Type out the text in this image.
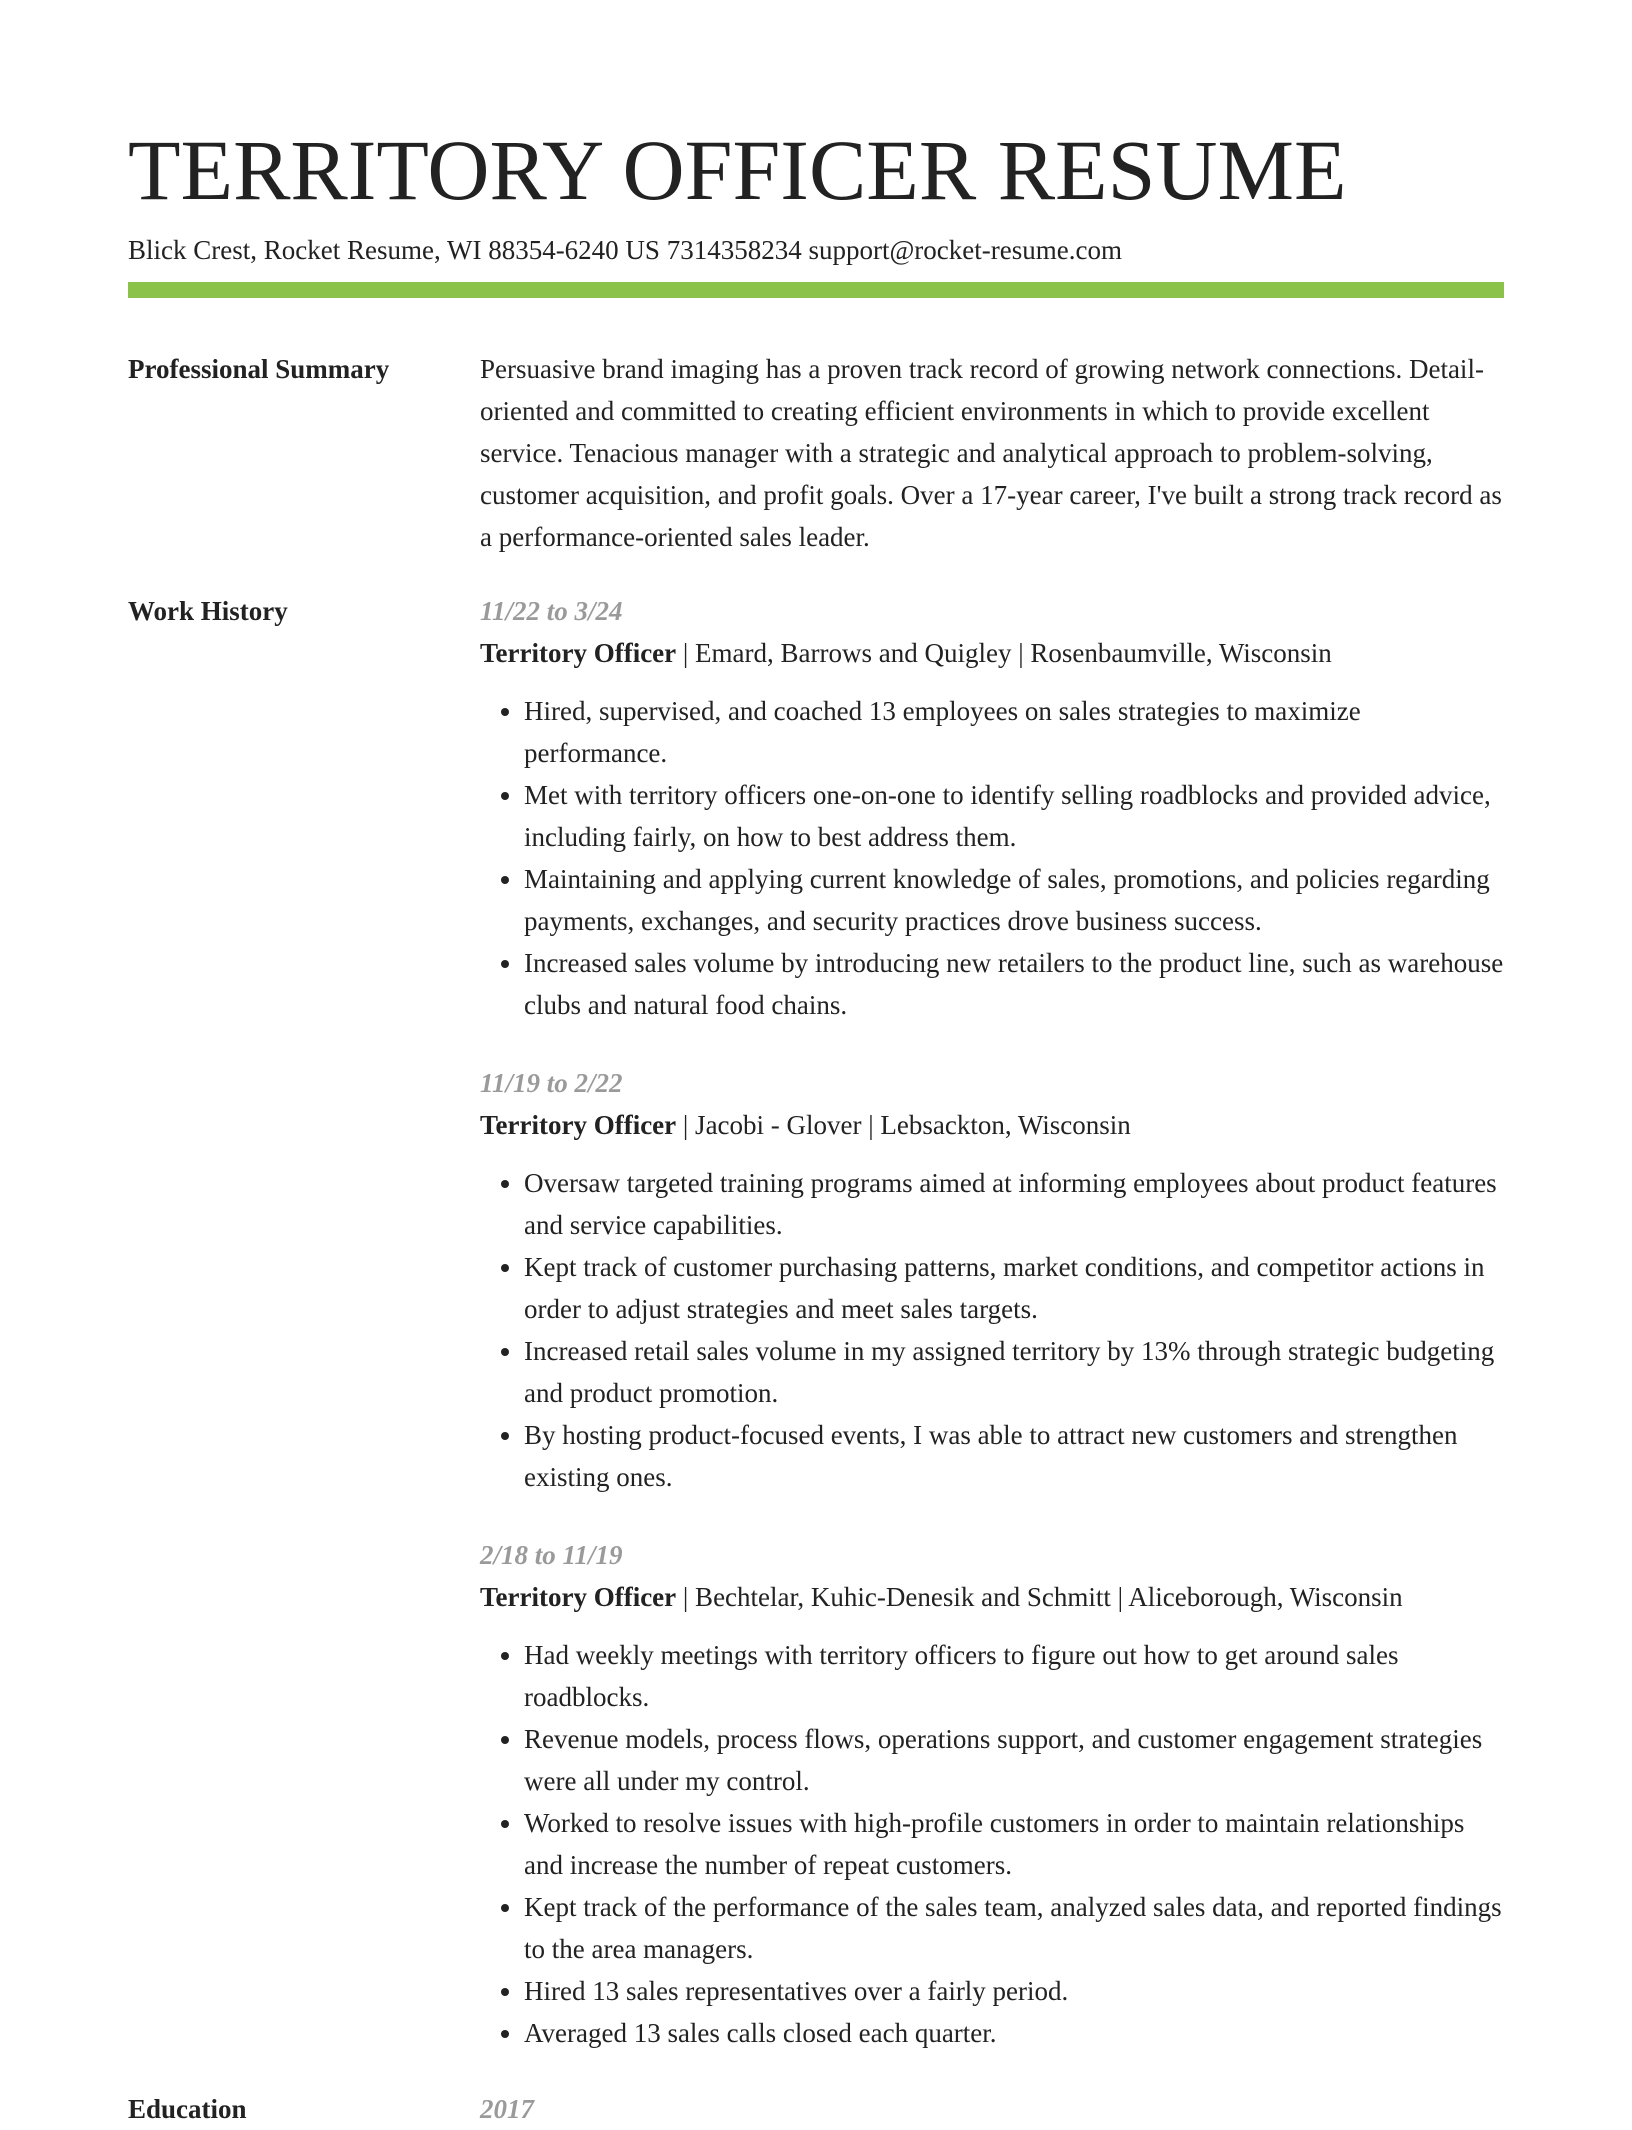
TERRITORY OFFICER RESUME
Blick Crest, Rocket Resume, WI 88354-6240 US 7314358234 support@rocket-resume.com
Professional Summary	Persuasive brand imaging has a proven track record of growing network connections. Detail-oriented and committed to creating efficient environments in which to provide excellent service. Tenacious manager with a strategic and analytical approach to problem-solving, customer acquisition, and profit goals. Over a 17-year career, I've built a strong track record as a performance-oriented sales leader.
Work History	11/22 to 3/24
Territory Officer | Emard, Barrows and Quigley | Rosenbaumville, Wisconsin
• Hired, supervised, and coached 13 employees on sales strategies to maximize performance.
• Met with territory officers one-on-one to identify selling roadblocks and provided advice, including fairly, on how to best address them.
• Maintaining and applying current knowledge of sales, promotions, and policies regarding payments, exchanges, and security practices drove business success.
• Increased sales volume by introducing new retailers to the product line, such as warehouse clubs and natural food chains.
11/19 to 2/22
Territory Officer | Jacobi - Glover | Lebsackton, Wisconsin
• Oversaw targeted training programs aimed at informing employees about product features and service capabilities.
• Kept track of customer purchasing patterns, market conditions, and competitor actions in order to adjust strategies and meet sales targets.
• Increased retail sales volume in my assigned territory by 13% through strategic budgeting and product promotion.
• By hosting product-focused events, I was able to attract new customers and strengthen existing ones.
2/18 to 11/19
Territory Officer | Bechtelar, Kuhic-Denesik and Schmitt | Aliceborough, Wisconsin
• Had weekly meetings with territory officers to figure out how to get around sales roadblocks.
• Revenue models, process flows, operations support, and customer engagement strategies were all under my control.
• Worked to resolve issues with high-profile customers in order to maintain relationships and increase the number of repeat customers.
• Kept track of the performance of the sales team, analyzed sales data, and reported findings to the area managers.
• Hired 13 sales representatives over a fairly period.
• Averaged 13 sales calls closed each quarter.
Education	2017
